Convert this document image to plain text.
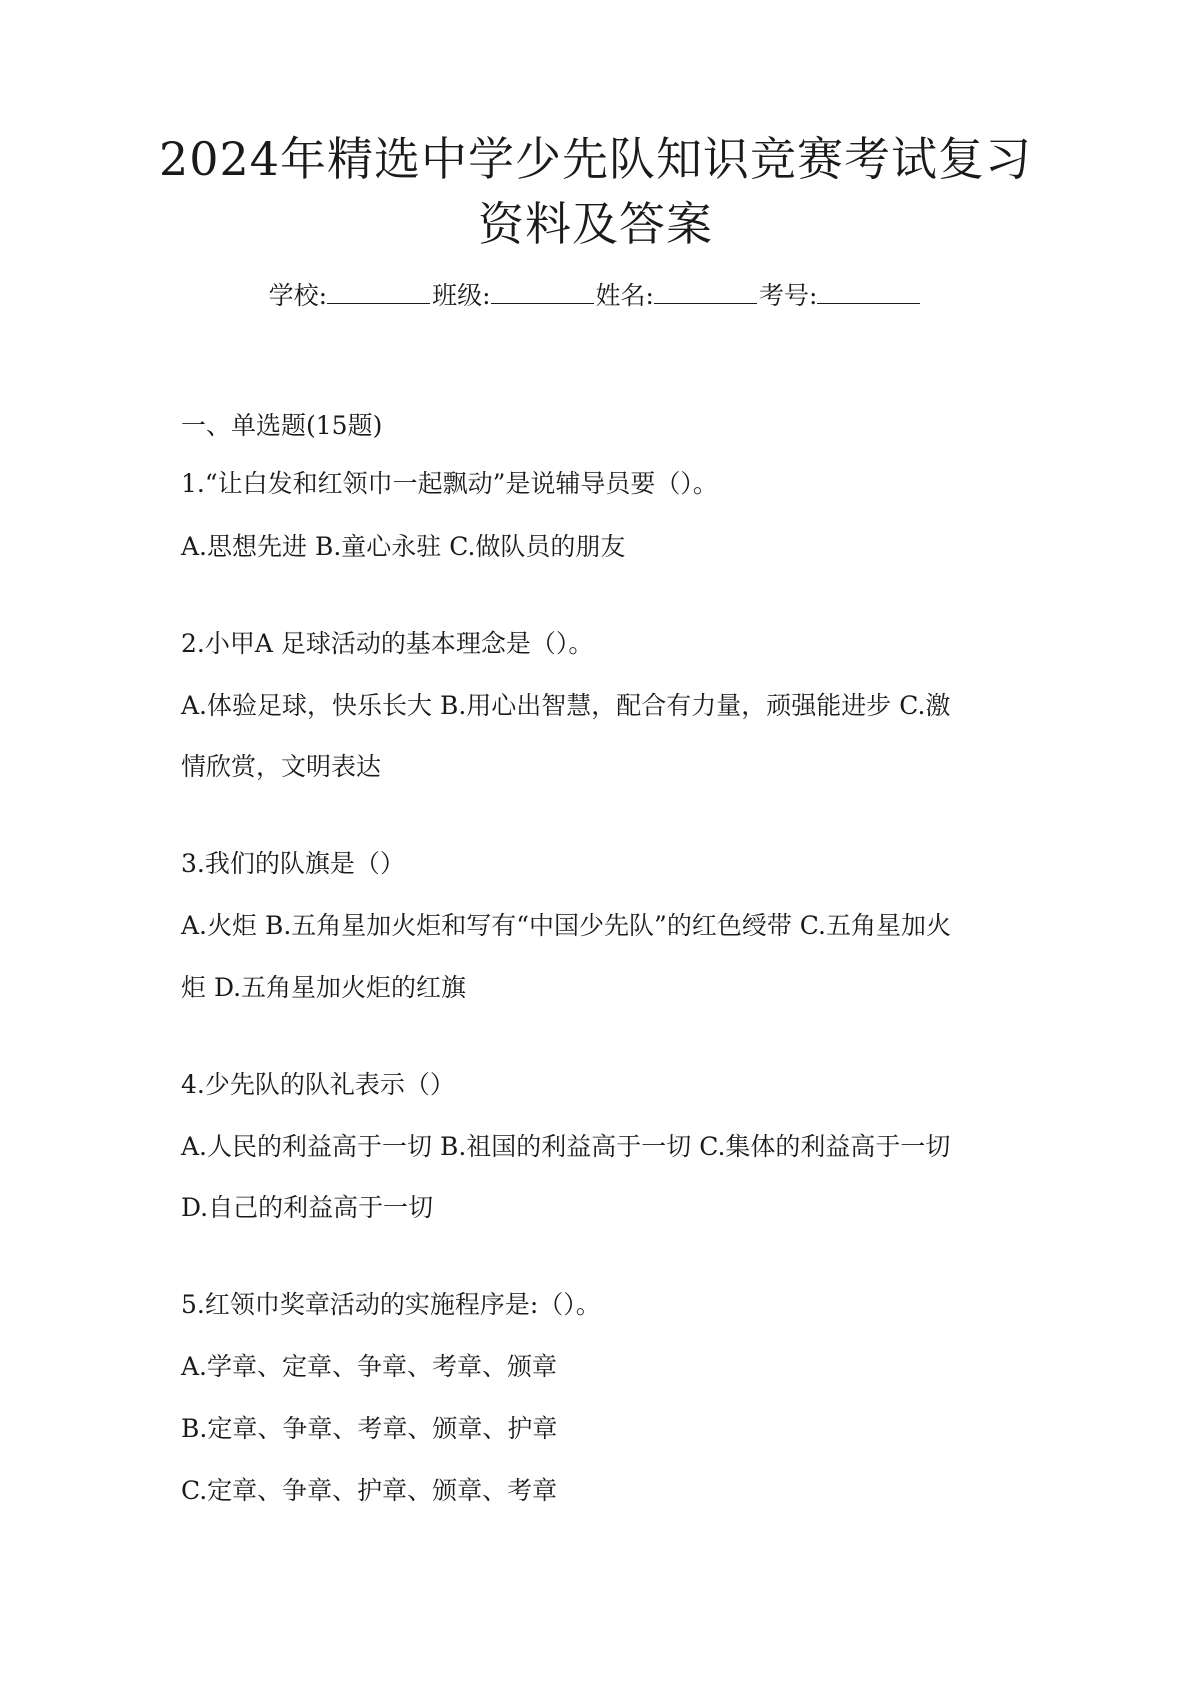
2024年精选中学少先队知识竞赛考试复习
资料及答案
学校:	班级:	姓名:	考号:
一、单选题(15题)
1.“让白发和红领巾一起飘动”是说辅导员要（）。
A.思想先进 B.童心永驻 C.做队员的朋友
2.小甲A 足球活动的基本理念是（）。
A.体验足球，快乐长大 B.用心出智慧，配合有力量，顽强能进步 C.激
情欣赏，文明表达
3.我们的队旗是（）
A.火炬 B.五角星加火炬和写有“中国少先队”的红色绶带 C.五角星加火
炬 D.五角星加火炬的红旗
4.少先队的队礼表示（）
A.人民的利益高于一切 B.祖国的利益高于一切 C.集体的利益高于一切
D.自己的利益高于一切
5.红领巾奖章活动的实施程序是:（）。
A.学章、定章、争章、考章、颁章
B.定章、争章、考章、颁章、护章
C.定章、争章、护章、颁章、考章
